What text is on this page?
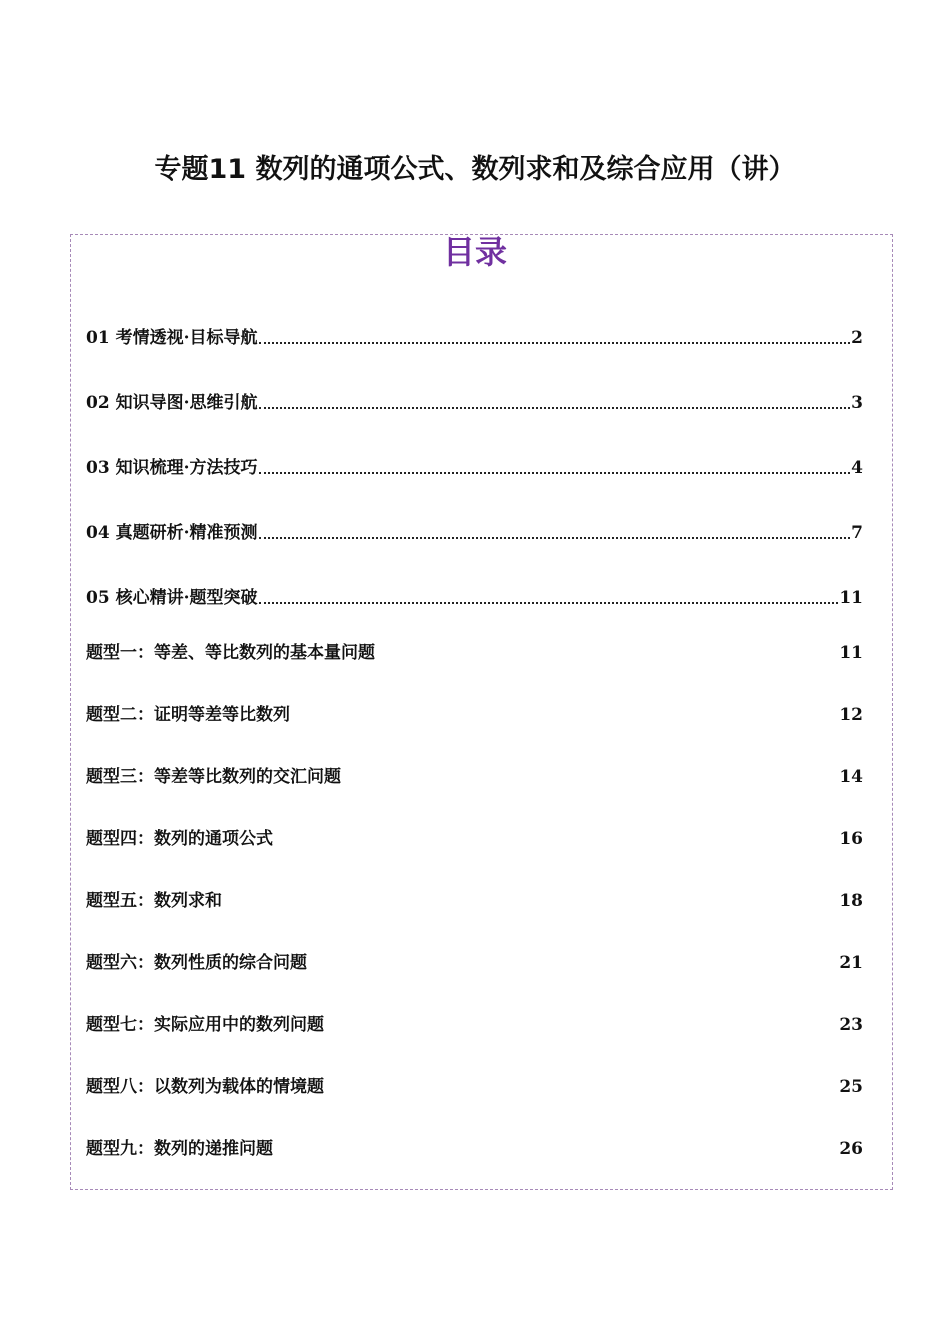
专题11 数列的通项公式、数列求和及综合应用（讲）
目录
01 考情透视·目标导航	2
02 知识导图·思维引航	3
03 知识梳理·方法技巧	4
04 真题研析·精准预测	7
05 核心精讲·题型突破	11
题型一：等差、等比数列的基本量问题	11
题型二：证明等差等比数列	12
题型三：等差等比数列的交汇问题	14
题型四：数列的通项公式	16
题型五：数列求和	18
题型六：数列性质的综合问题	21
题型七：实际应用中的数列问题	23
题型八：以数列为载体的情境题	25
题型九：数列的递推问题	26
